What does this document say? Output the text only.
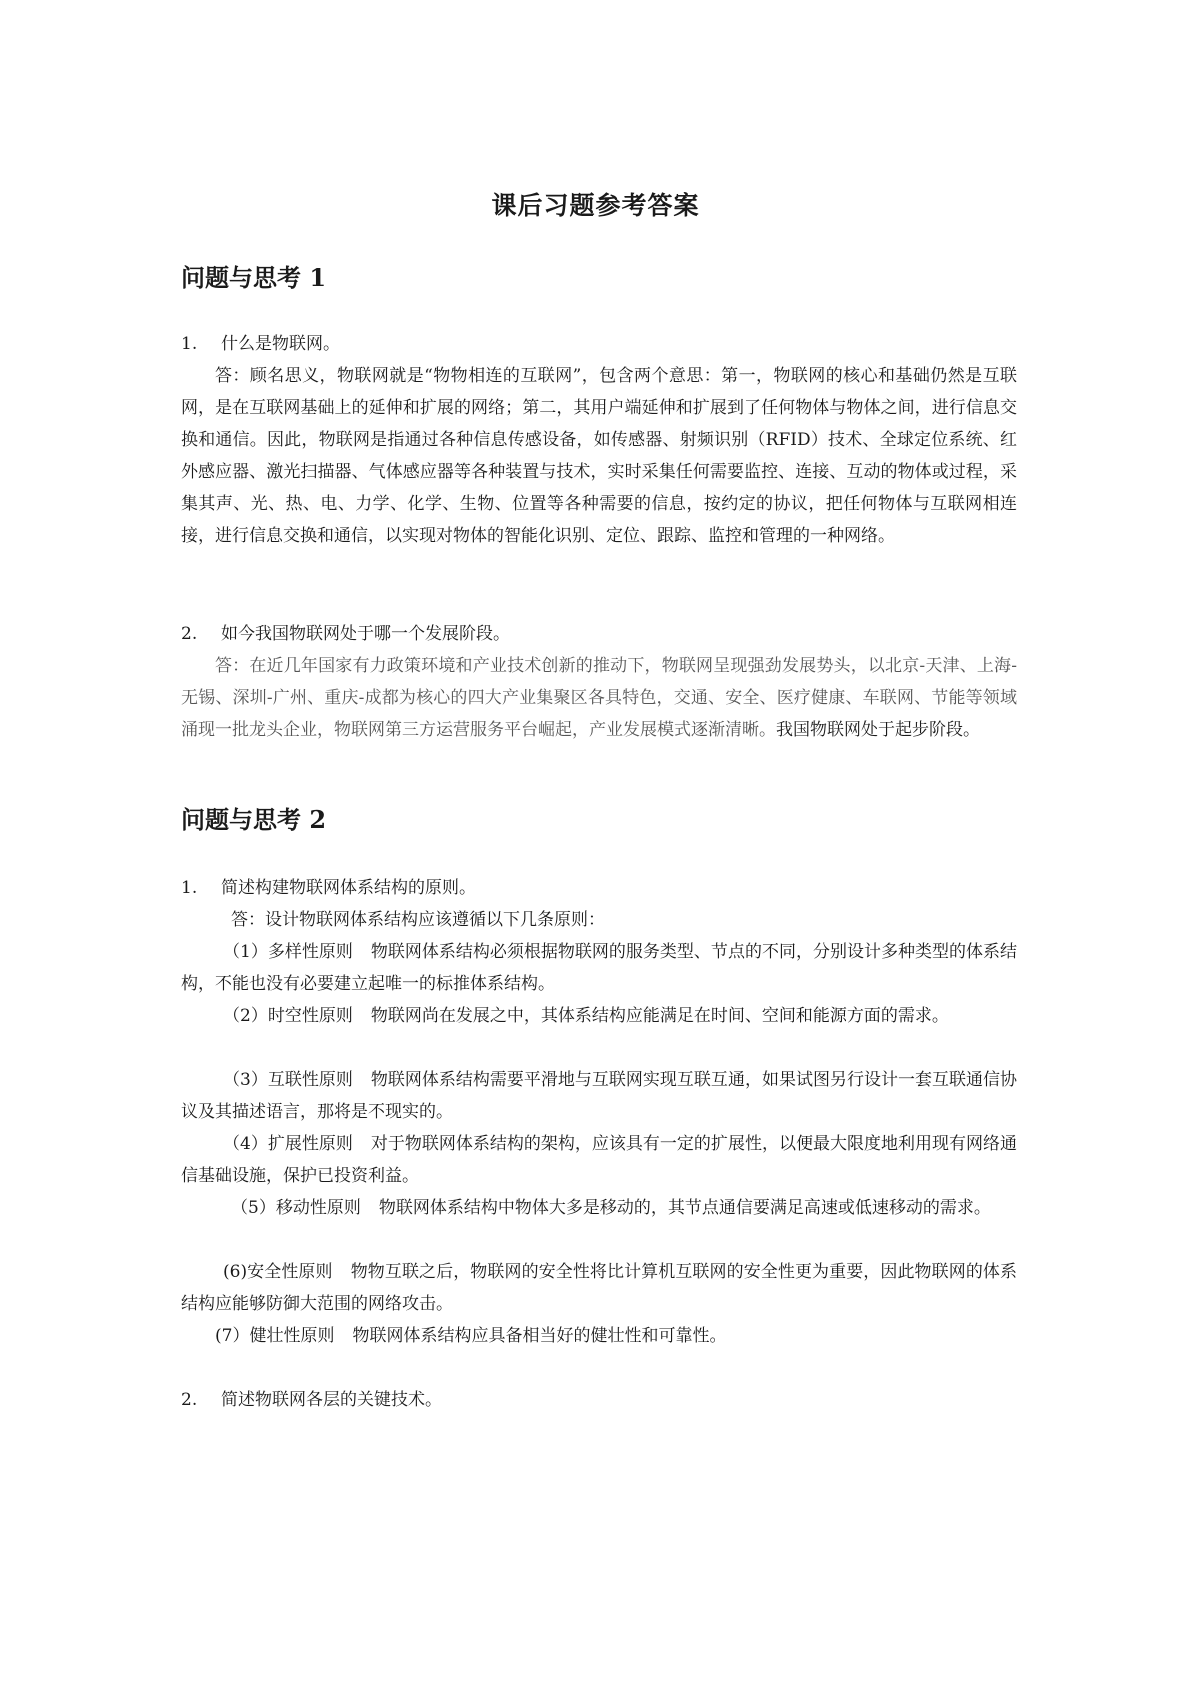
课后习题参考答案
问题与思考 1
1. 什么是物联网。
答：顾名思义，物联网就是“物物相连的互联网”，包含两个意思：第一，物联网的核心和基础仍然是互联网，是在互联网基础上的延伸和扩展的网络；第二，其用户端延伸和扩展到了任何物体与物体之间，进行信息交换和通信。因此，物联网是指通过各种信息传感设备，如传感器、射频识别（RFID）技术、全球定位系统、红外感应器、激光扫描器、气体感应器等各种装置与技术，实时采集任何需要监控、连接、互动的物体或过程，采集其声、光、热、电、力学、化学、生物、位置等各种需要的信息，按约定的协议，把任何物体与互联网相连接，进行信息交换和通信，以实现对物体的智能化识别、定位、跟踪、监控和管理的一种网络。
2. 如今我国物联网处于哪一个发展阶段。
答：在近几年国家有力政策环境和产业技术创新的推动下，物联网呈现强劲发展势头，以北京-天津、上海-无锡、深圳-广州、重庆-成都为核心的四大产业集聚区各具特色，交通、安全、医疗健康、车联网、节能等领域涌现一批龙头企业，物联网第三方运营服务平台崛起，产业发展模式逐渐清晰。我国物联网处于起步阶段。
问题与思考 2
1. 简述构建物联网体系结构的原则。
答：设计物联网体系结构应该遵循以下几条原则：
（1）多样性原则 物联网体系结构必须根据物联网的服务类型、节点的不同，分别设计多种类型的体系结构，不能也没有必要建立起唯一的标推体系结构。
（2）时空性原则 物联网尚在发展之中，其体系结构应能满足在时间、空间和能源方面的需求。
（3）互联性原则 物联网体系结构需要平滑地与互联网实现互联互通，如果试图另行设计一套互联通信协议及其描述语言，那将是不现实的。
（4）扩展性原则 对于物联网体系结构的架构，应该具有一定的扩展性，以便最大限度地利用现有网络通信基础设施，保护已投资利益。
（5）移动性原则 物联网体系结构中物体大多是移动的，其节点通信要满足高速或低速移动的需求。
(6)安全性原则 物物互联之后，物联网的安全性将比计算机互联网的安全性更为重要，因此物联网的体系结构应能够防御大范围的网络攻击。
(7）健壮性原则 物联网体系结构应具备相当好的健壮性和可靠性。
2. 简述物联网各层的关键技术。
